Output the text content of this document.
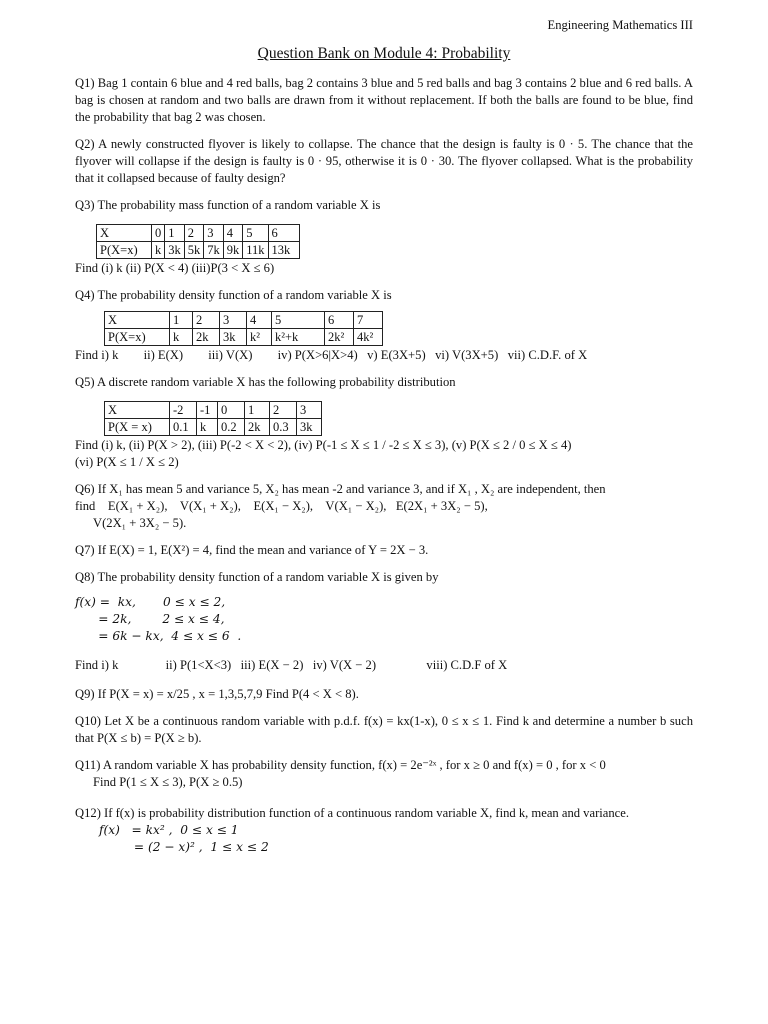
Engineering Mathematics III
Question Bank on Module 4: Probability

Q1) Bag 1 contain 6 blue and 4 red balls, bag 2 contains 3 blue and 5 red balls and bag 3 contains 2 blue and 6 red balls. A bag is chosen at random and two balls are drawn from it without replacement. If both the balls are found to be blue, find the probability that bag 2 was chosen.

Q2) A newly constructed flyover is likely to collapse. The chance that the design is faulty is 0 · 5. The chance that the flyover will collapse if the design is faulty is 0 · 95, otherwise it is 0 · 30. The flyover collapsed. What is the probability that it collapsed because of faulty design?

Q3) The probability mass function of a random variable X is

X	0	1	2	3	4	5	6
P(X=x)	k	3k	5k	7k	9k	11k	13k

Find (i) k (ii) P(X < 4) (iii)P(3 < X ≤ 6)

Q4) The probability density function of a random variable X is

X	1	2	3	4	5	6	7
P(X=x)	k	2k	3k	k²	k²+k	2k²	4k²

Find i) k        ii) E(X)        iii) V(X)        iv) P(X>6|X>4)   v) E(3X+5)   vi) V(3X+5)   vii) C.D.F. of X

Q5) A discrete random variable X has the following probability distribution

X	-2	-1	0	1	2	3
P(X = x)	0.1	k	0.2	2k	0.3	3k

Find (i) k, (ii) P(X > 2), (iii) P(-2 < X < 2), (iv) P(-1 ≤ X ≤ 1 / -2 ≤ X ≤ 3), (v) P(X ≤ 2 / 0 ≤ X ≤ 4)

(vi) P(X ≤ 1 / X ≤ 2)

Q6) If X₁ has mean 5 and variance 5, X₂ has mean -2 and variance 3, and if X₁ , X₂ are independent, then

find    E(X₁ + X₂),    V(X₁ + X₂),    E(X₁ − X₂),    V(X₁ − X₂),   E(2X₁ + 3X₂ − 5),

V(2X₁ + 3X₂ − 5).

Q7) If E(X) = 1, E(X²) = 4, find the mean and variance of Y = 2X − 3.

Q8) The probability density function of a random variable X is given by

f(x) =  kx,       0 ≤ x ≤ 2,
= 2k,        2 ≤ x ≤ 4,
= 6k − kx,  4 ≤ x ≤ 6  .

Find i) k               ii) P(1<X<3)   iii) E(X − 2)   iv) V(X − 2)                viii) C.D.F of X

Q9) If P(X = x) = x/25 , x = 1,3,5,7,9 Find P(4 < X < 8).

Q10) Let X be a continuous random variable with p.d.f. f(x) = kx(1-x), 0 ≤ x ≤ 1. Find k and determine a number b such that P(X ≤ b) = P(X ≥ b).

Q11) A random variable X has probability density function, f(x) = 2e⁻²ˣ , for x ≥ 0 and f(x) = 0 , for x < 0

Find P(1 ≤ X ≤ 3), P(X ≥ 0.5)

Q12) If f(x) is probability distribution function of a continuous random variable X, find k, mean and variance.

f(x)   = kx² ,  0 ≤ x ≤ 1
= (2 − x)² ,  1 ≤ x ≤ 2
